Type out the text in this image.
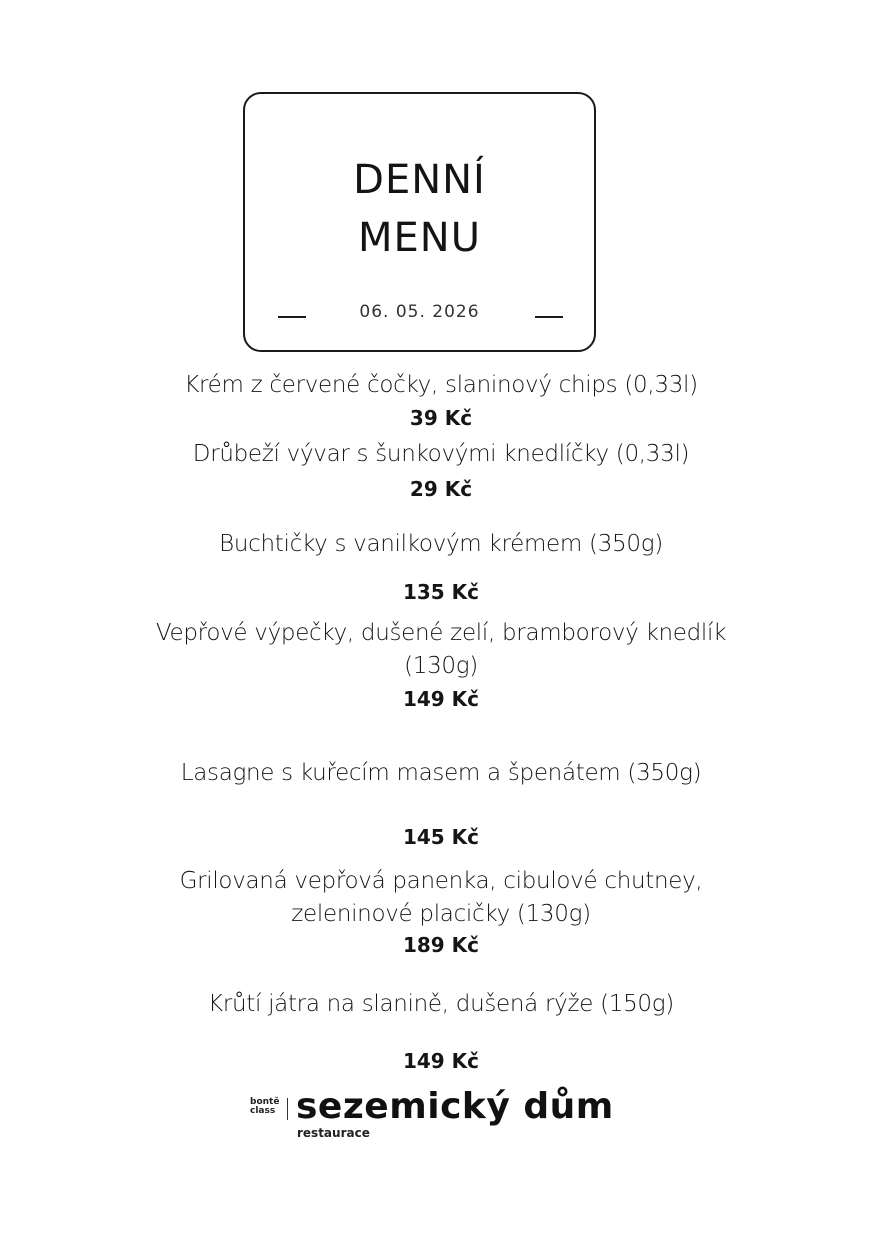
DENNÍ
MENU
06. 05. 2026

Krém z červené čočky, slaninový chips (0,33l)

39 Kč

Drůbeží vývar s šunkovými knedlíčky (0,33l)

29 Kč

Buchtičky s vanilkovým krémem (350g)

135 Kč

Vepřové výpečky, dušené zelí, bramborový knedlík

(130g)

149 Kč

Lasagne s kuřecím masem a špenátem (350g)

145 Kč

Grilovaná vepřová panenka, cibulové chutney,

zeleninové placičky (130g)

189 Kč

Krůtí játra na slanině, dušená rýže (150g)

149 Kč

bontě
class sezemický dům
restaurace
